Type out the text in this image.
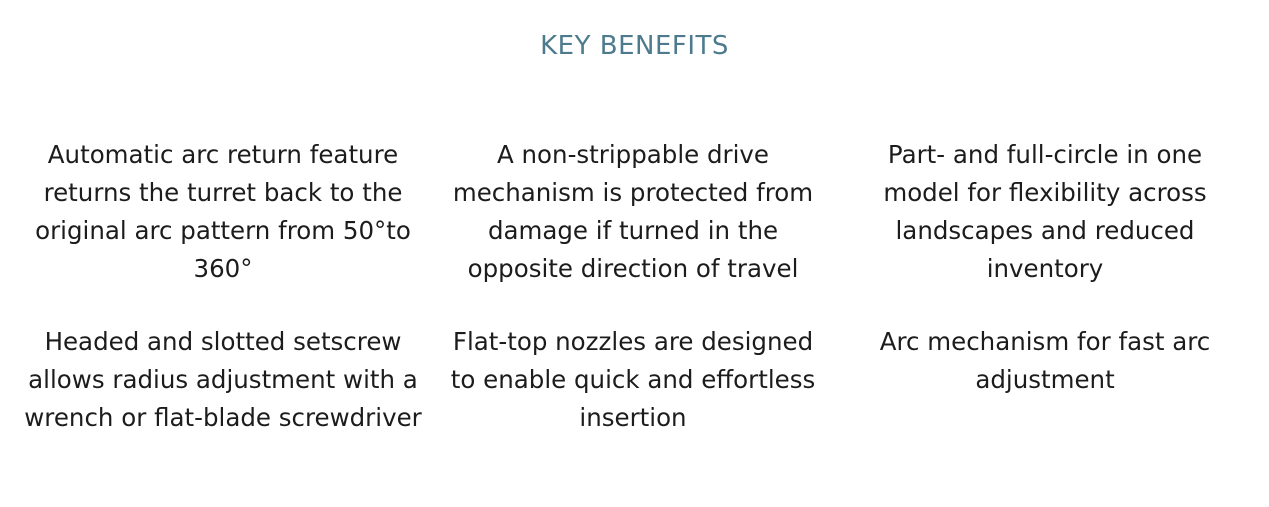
KEY BENEFITS

Automatic arc return feature returns the turret back to the original arc pattern from 50°to 360°

A non-strippable drive mechanism is protected from damage if turned in the opposite direction of travel

Part- and full-circle in one model for flexibility across landscapes and reduced inventory

Headed and slotted setscrew allows radius adjustment with a wrench or flat-blade screwdriver

Flat-top nozzles are designed to enable quick and effortless insertion

Arc mechanism for fast arc adjustment
